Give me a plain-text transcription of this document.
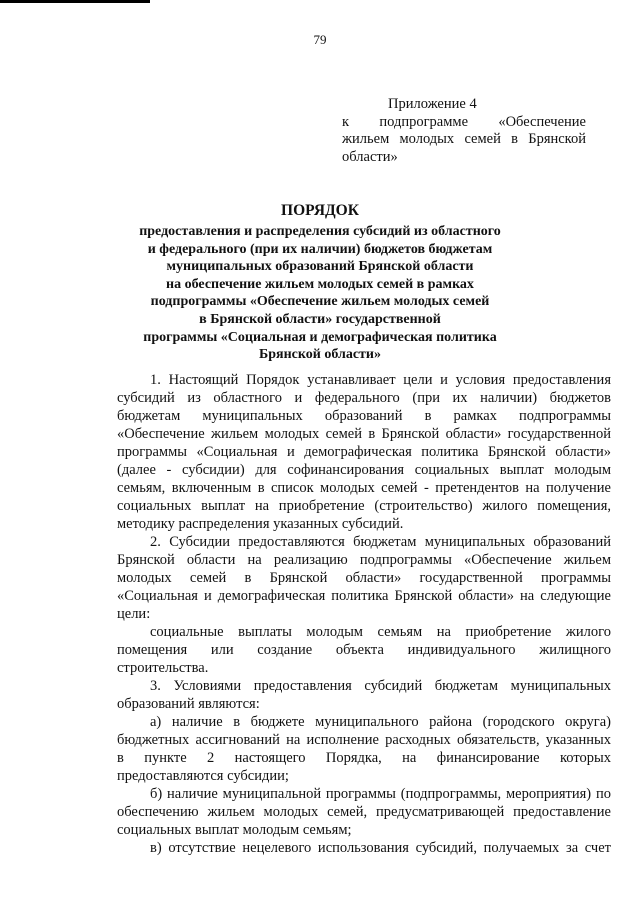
79
Приложение 4
к подпрограмме «Обеспечение
жильем молодых семей в Брянской
области»
ПОРЯДОК
предоставления и распределения субсидий из областного
и федерального (при их наличии) бюджетов бюджетам
муниципальных образований Брянской области
на обеспечение жильем молодых семей в рамках
подпрограммы «Обеспечение жильем молодых семей
в Брянской области» государственной
программы «Социальная и демографическая политика
Брянской области»

1. Настоящий Порядок устанавливает цели и условия предоставления
субсидий из областного и федерального (при их наличии) бюджетов
бюджетам муниципальных образований в рамках подпрограммы
«Обеспечение жильем молодых семей в Брянской области» государственной
программы «Социальная и демографическая политика Брянской области»
(далее - субсидии) для софинансирования социальных выплат молодым
семьям, включенным в список молодых семей - претендентов на получение
социальных выплат на приобретение (строительство) жилого помещения,
методику распределения указанных субсидий.

2. Субсидии предоставляются бюджетам муниципальных образований
Брянской области на реализацию подпрограммы «Обеспечение жильем
молодых семей в Брянской области» государственной программы
«Социальная и демографическая политика Брянской области» на следующие
цели:

социальные выплаты молодым семьям на приобретение жилого
помещения или создание объекта индивидуального жилищного
строительства.

3. Условиями предоставления субсидий бюджетам муниципальных
образований являются:

а) наличие в бюджете муниципального района (городского округа)
бюджетных ассигнований на исполнение расходных обязательств, указанных
в пункте 2 настоящего Порядка, на финансирование которых
предоставляются субсидии;

б) наличие муниципальной программы (подпрограммы, мероприятия) по
обеспечению жильем молодых семей, предусматривающей предоставление
социальных выплат молодым семьям;

в) отсутствие нецелевого использования субсидий, получаемых за счет
